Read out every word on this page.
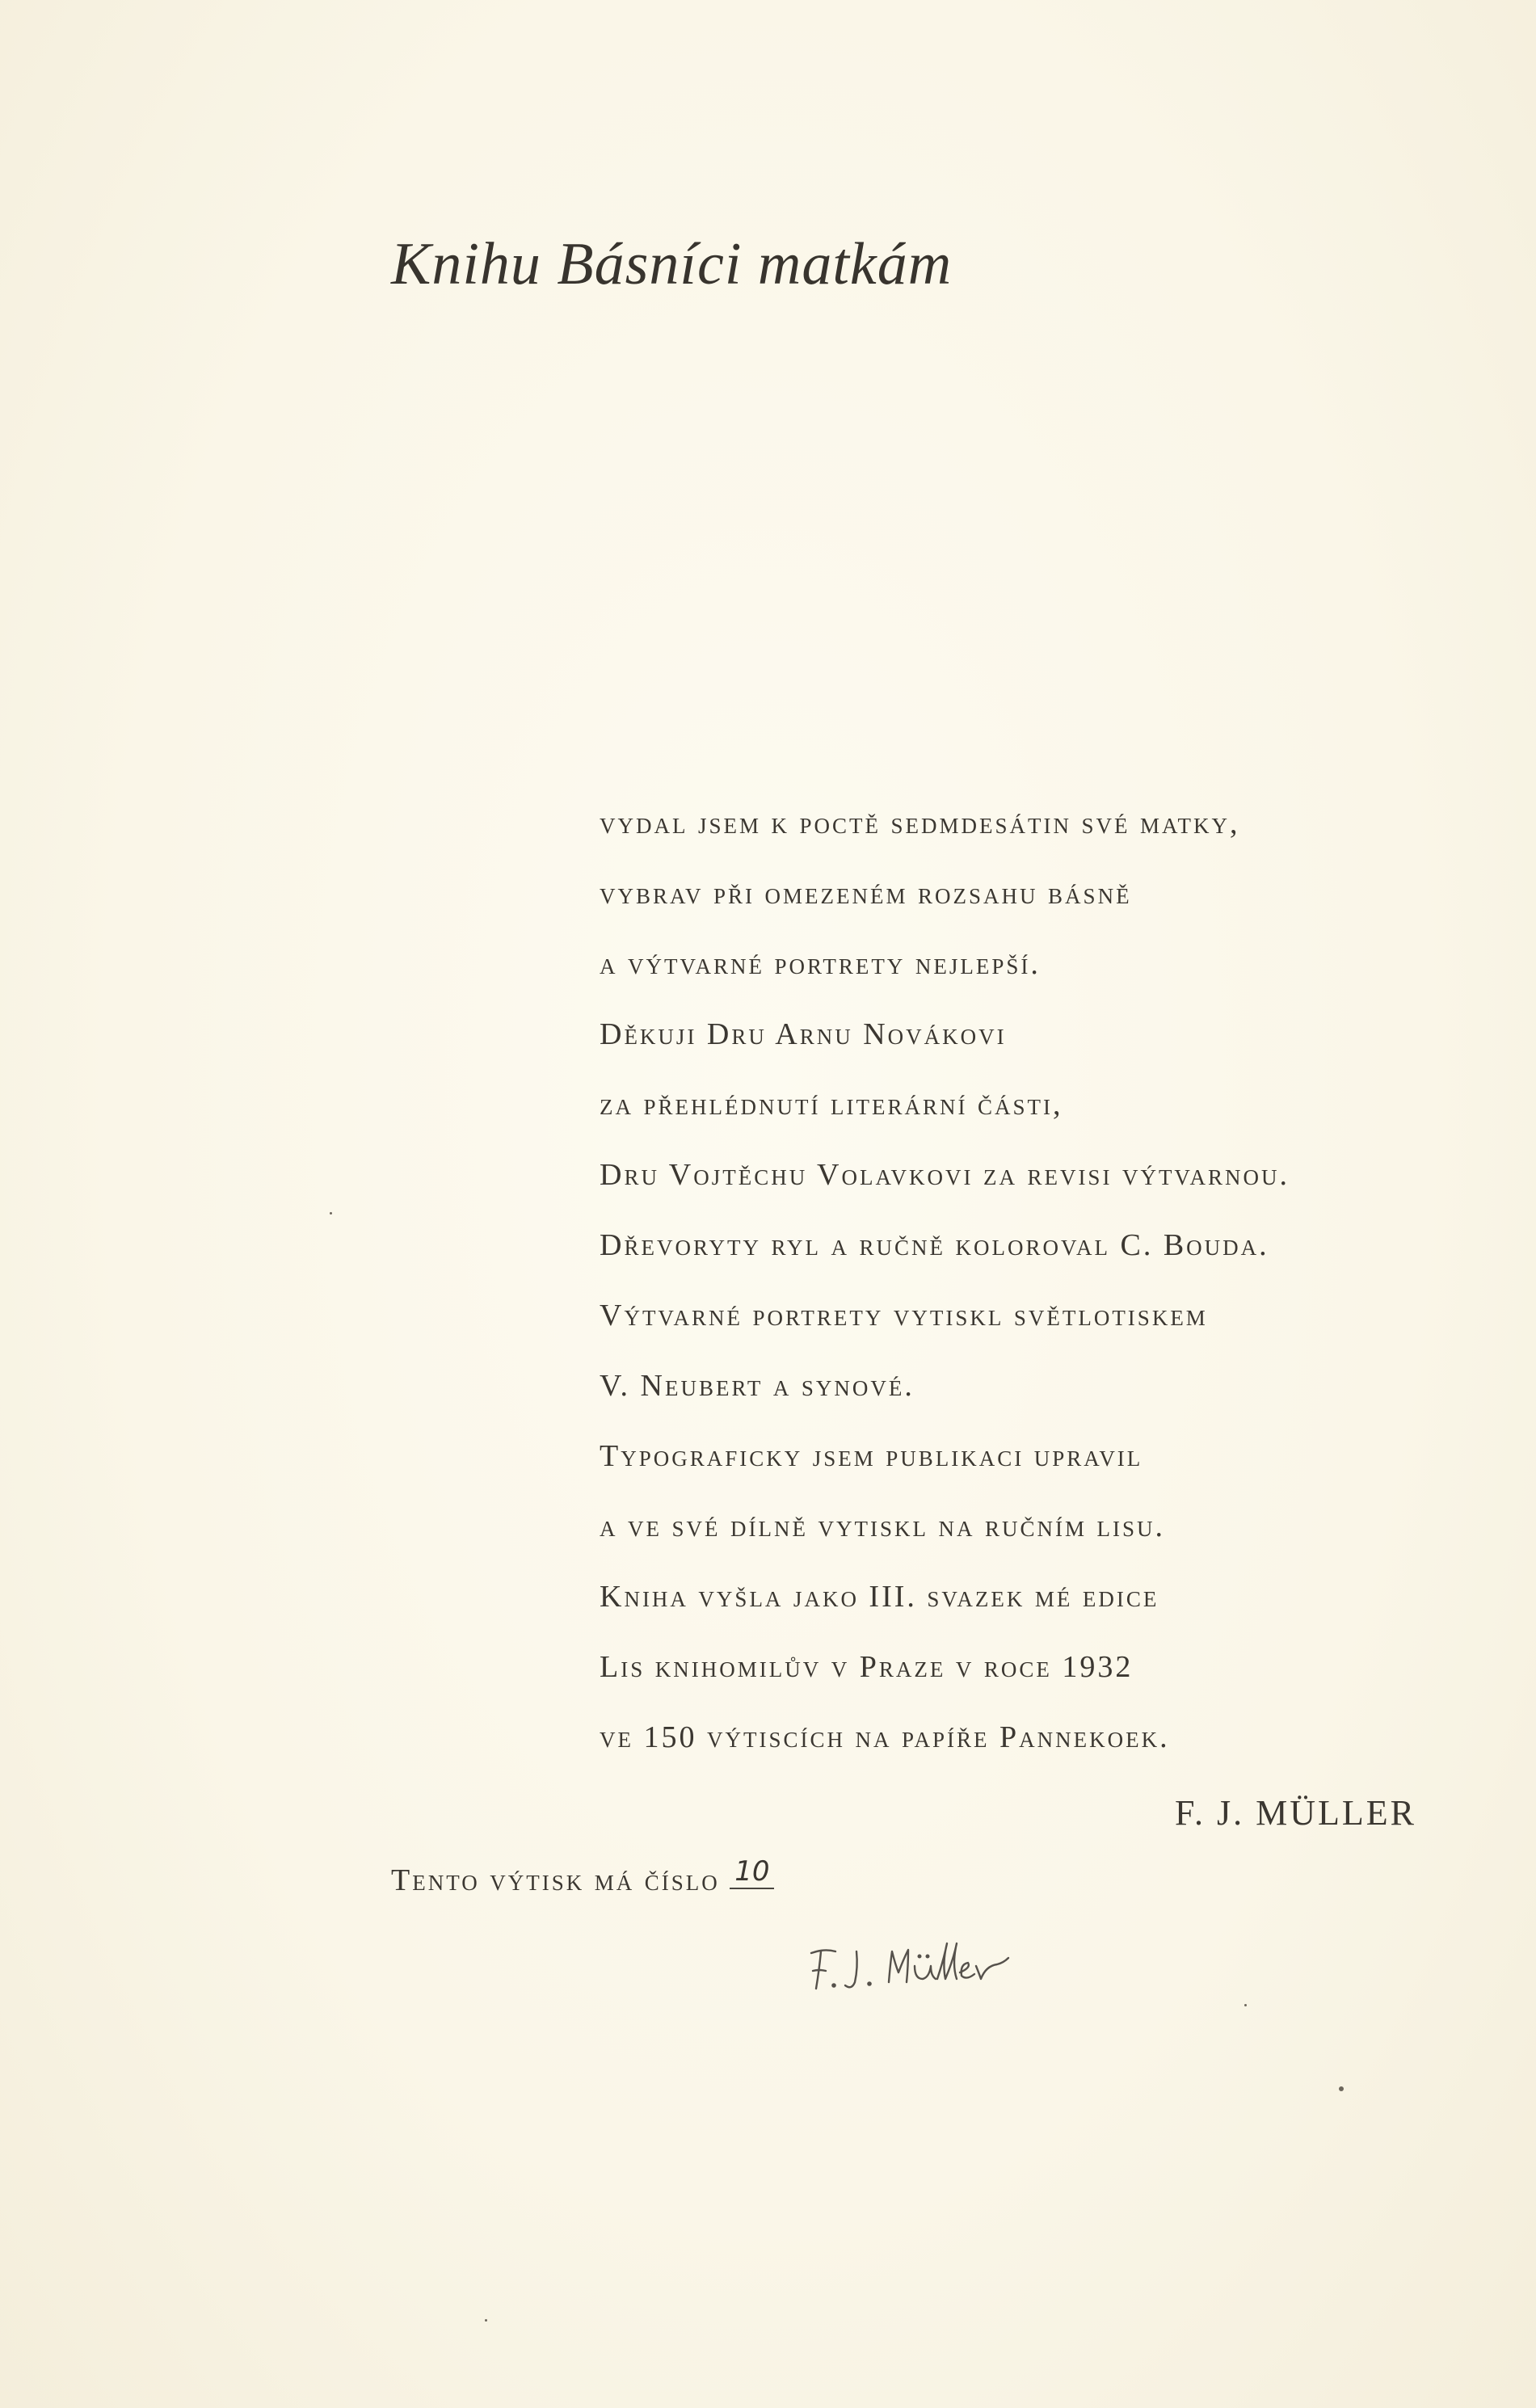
Knihu Básníci matkám
vydal jsem k poctě sedmdesátin své matky,
vybrav při omezeném rozsahu básně
a výtvarné portrety nejlepší.
Děkuji Dru Arnu Novákovi
za přehlédnutí literární části,
Dru Vojtěchu Volavkovi za revisi výtvarnou.
Dřevoryty ryl a ručně koloroval C. Bouda.
Výtvarné portrety vytiskl světlotiskem
V. Neubert a synové.
Typograficky jsem publikaci upravil
a ve své dílně vytiskl na ručním lisu.
Kniha vyšla jako III. svazek mé edice
Lis knihomilův v Praze v roce 1932
ve 150 výtiscích na papíře Pannekoek.
F. J. MÜLLER
Tento výtisk má číslo 10
